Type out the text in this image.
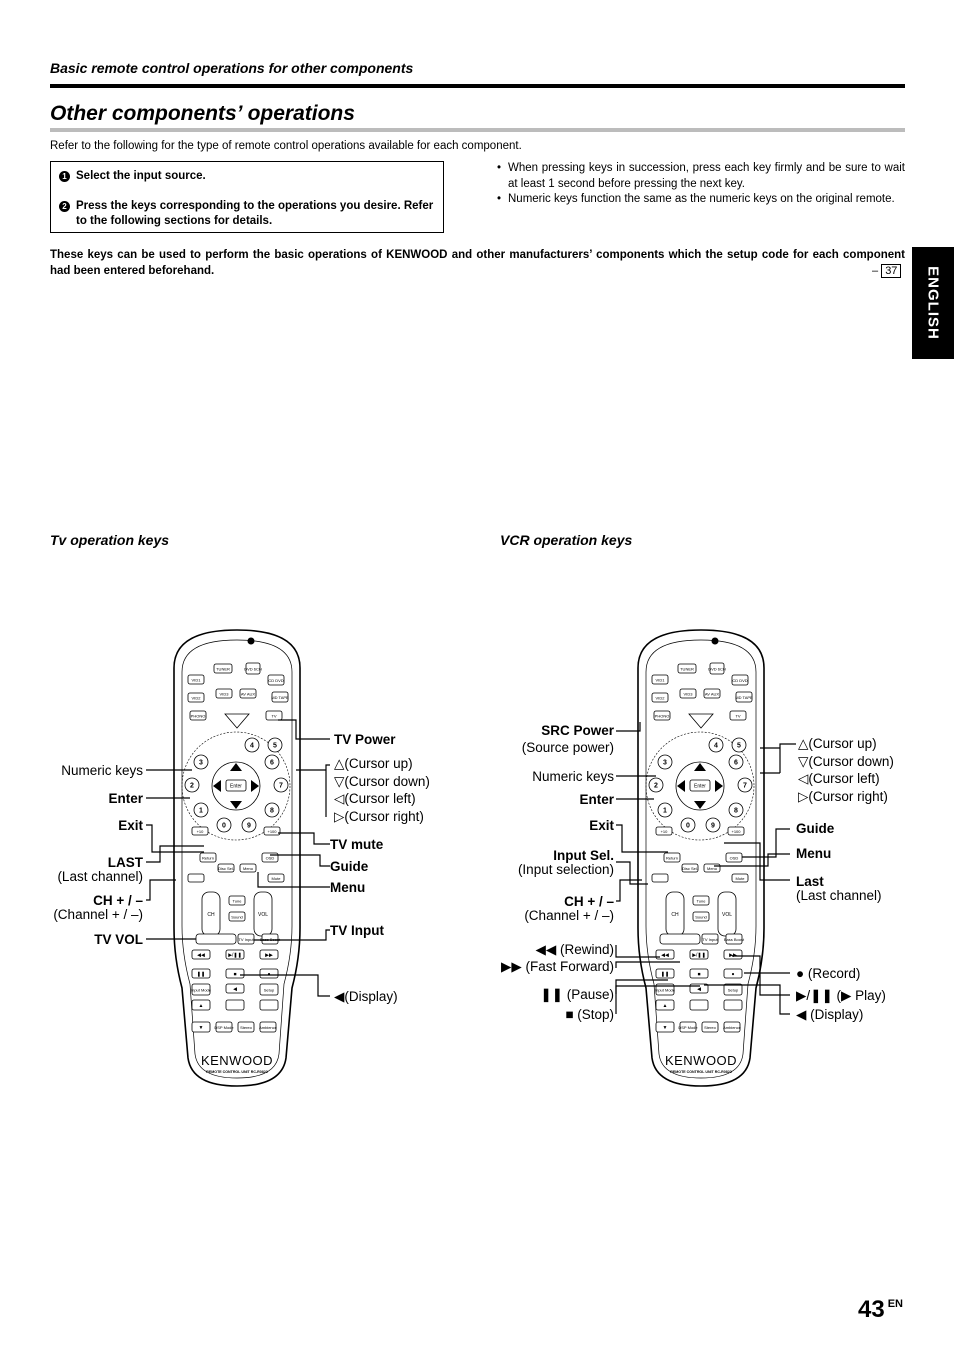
Basic remote control operations for other components
Other components’ operations
Refer to the following for the type of remote control operations available for each component.
1 Select the input source.
2 Press the keys corresponding to the operations you desire. Refer to the following sections for details.
• When pressing keys in succession, press each key firmly and be sure to wait at least 1 second before pressing the next key.
• Numeric keys function the same as the numeric keys on the original remote.
These keys can be used to perform the basic operations of KENWOOD and other manufacturers’ components which the setup code for each component had been entered beforehand.	– 37 ENGLISH
Tv operation keys	VCR operation keys
TUNER	DVD 6CH
VID1	CD DVD
VID2
VID3	AV AUX
MD TAPE
PHONO	TV
4	5
3	6
2	7
1	8
0	9
Enter
+10	+100
Return	OSD
Disc Sel. Menu
Mute
CH	VOL
Tune
Sound
TV Input Bass Boost
◀◀	▶/❚❚	▶▶
❚❚	■	●
Input Mode	◀	Setup
▲
▼	DSP Mode Stereo Ambience
KENWOOD
REMOTE CONTROL UNIT RC-R0823
TUNER	DVD 6CH
VID1	CD DVD
VID2
VID3	AV AUX
MD TAPE
PHONO	TV
4	5
3	6
2	7
1	8
0	9
Enter
+10	+100
Return	OSD
Disc Sel. Menu
Mute
CH	VOL
Tune
Sound
TV Input Bass Boost
◀◀	▶/❚❚	▶▶
❚❚	■	●
Input Mode	◀	Setup
▲
▼	DSP Mode Stereo Ambience
KENWOOD
REMOTE CONTROL UNIT RC-R0823
Numeric keys
Enter
Exit
LAST
(Last channel)
CH + / –
(Channel + / –)
TV VOL
TV Power
△(Cursor up)
▽(Cursor down)
◁(Cursor left)
▷(Cursor right)
TV mute
Guide
Menu
TV Input
◀(Display)
SRC Power
(Source power)
Numeric keys
Enter
Exit
Input Sel.
(Input selection)
CH + / –
(Channel + / –)
◀◀ (Rewind)
▶▶ (Fast Forward)
❚❚ (Pause)
■ (Stop)
△(Cursor up)
▽(Cursor down)
◁(Cursor left)
▷(Cursor right)
Guide
Menu
Last
(Last channel)
● (Record)
▶/❚❚ (▶ Play)
◀ (Display)
43 $^{EN}$
